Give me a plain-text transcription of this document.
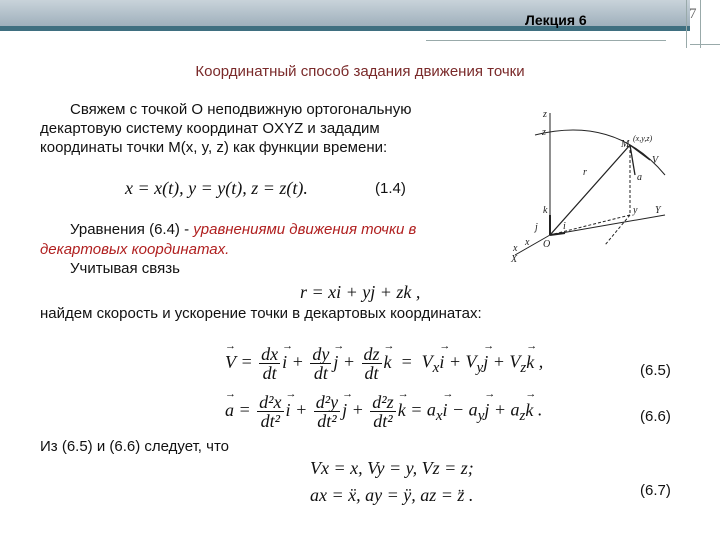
Лекция 6	7
Координатный способ задания движения точки
Свяжем с точкой О неподвижную ортогональную
декартовую систему координат OXYZ и зададим
координаты точки М(x, y, z) как функции времени:
x = x(t), y = y(t), z = z(t).	(1.4)
Уравнения (6.4) - уравнениями движения точки в
декартовых координатах.
Учитывая связь
r = xi + yj + zk ,
найдем скорость и ускорение точки в декартовых координатах:
V → = $\frac{dx}{dt}$ i → + $\frac{dy}{dt}$ j → + $\frac{dz}{dt}$ k →  =  $V_xi$ → + $V_yj$ → + $V_zk$ → ,	(6.5)
a → = $\frac{\text{d²x}}{\text{dt²}}$ i → + $\frac{\text{d²y}}{\text{dt²}}$ j → + $\frac{\text{d²z}}{\text{dt²}}$ k → = $a_xi$ → − $a_yj$ → + $a_zk$ → .	(6.6)
Из (6.5) и (6.6) следует, что
Vx = x, Vy = y, Vz = z;
ax = ẍ, ay = ÿ, az = z̈ .	(6.7)
z
z
M
(x,y,z)
r
V
a
k
O
i
j
y Y
x
x
X
